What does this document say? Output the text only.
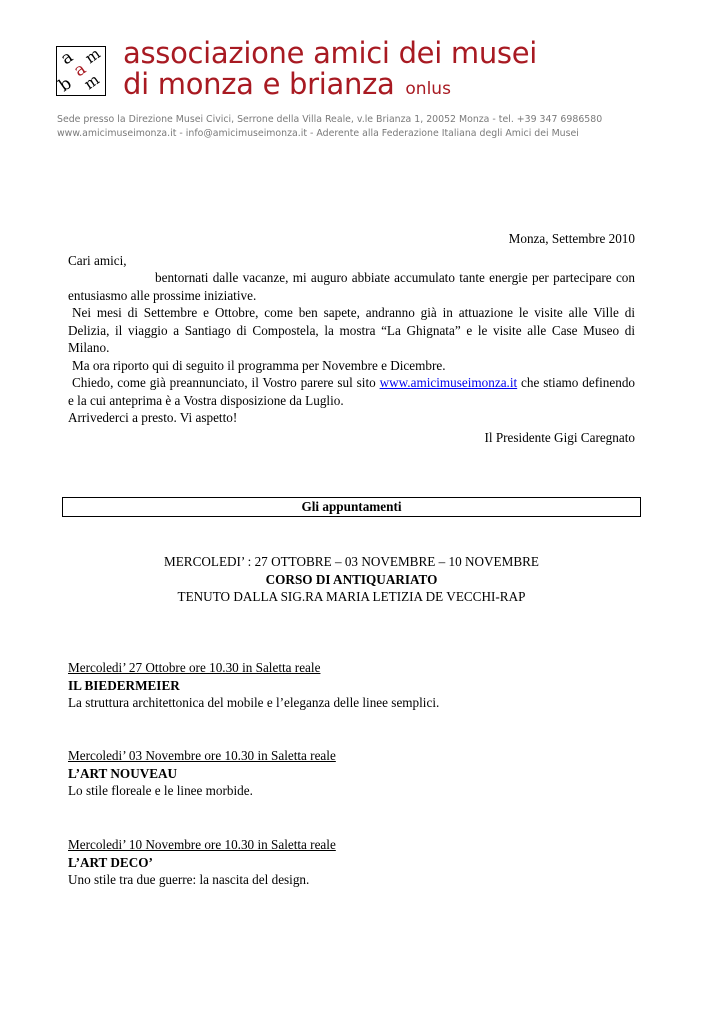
a
a
m
m
b
associazione amici dei musei
di monza e brianza onlus
Sede presso la Direzione Musei Civici, Serrone della Villa Reale, v.le Brianza 1, 20052 Monza - tel. +39 347 6986580
www.amicimuseimonza.it - info@amicimuseimonza.it - Aderente alla Federazione Italiana degli Amici dei Musei

Monza, Settembre 2010

Cari amici,

bentornati dalle vacanze, mi auguro abbiate accumulato tante energie per partecipare con entusiasmo alle prossime iniziative.

Nei mesi di Settembre e Ottobre, come ben sapete, andranno già in attuazione le visite alle Ville di Delizia, il viaggio a Santiago di Compostela, la mostra “La Ghignata” e le visite alle Case Museo di Milano.

Ma ora riporto qui di seguito il programma per Novembre e Dicembre.

Chiedo, come già preannunciato, il Vostro parere sul sito www.amicimuseimonza.it che stiamo definendo e la cui anteprima è a Vostra disposizione da Luglio.

Arrivederci a presto. Vi aspetto!

Il Presidente Gigi Caregnato

Gli appuntamenti
MERCOLEDI’ : 27 OTTOBRE – 03 NOVEMBRE – 10 NOVEMBRE
CORSO DI ANTIQUARIATO
TENUTO DALLA SIG.RA MARIA LETIZIA DE VECCHI-RAP
Mercoledi’ 27 Ottobre ore 10.30 in Saletta reale
IL BIEDERMEIER
La struttura architettonica del mobile e l’eleganza delle linee semplici.
Mercoledi’ 03 Novembre ore 10.30 in Saletta reale
L’ART NOUVEAU
Lo stile floreale e le linee morbide.
Mercoledi’ 10 Novembre ore 10.30 in Saletta reale
L’ART DECO’
Uno stile tra due guerre: la nascita del design.
